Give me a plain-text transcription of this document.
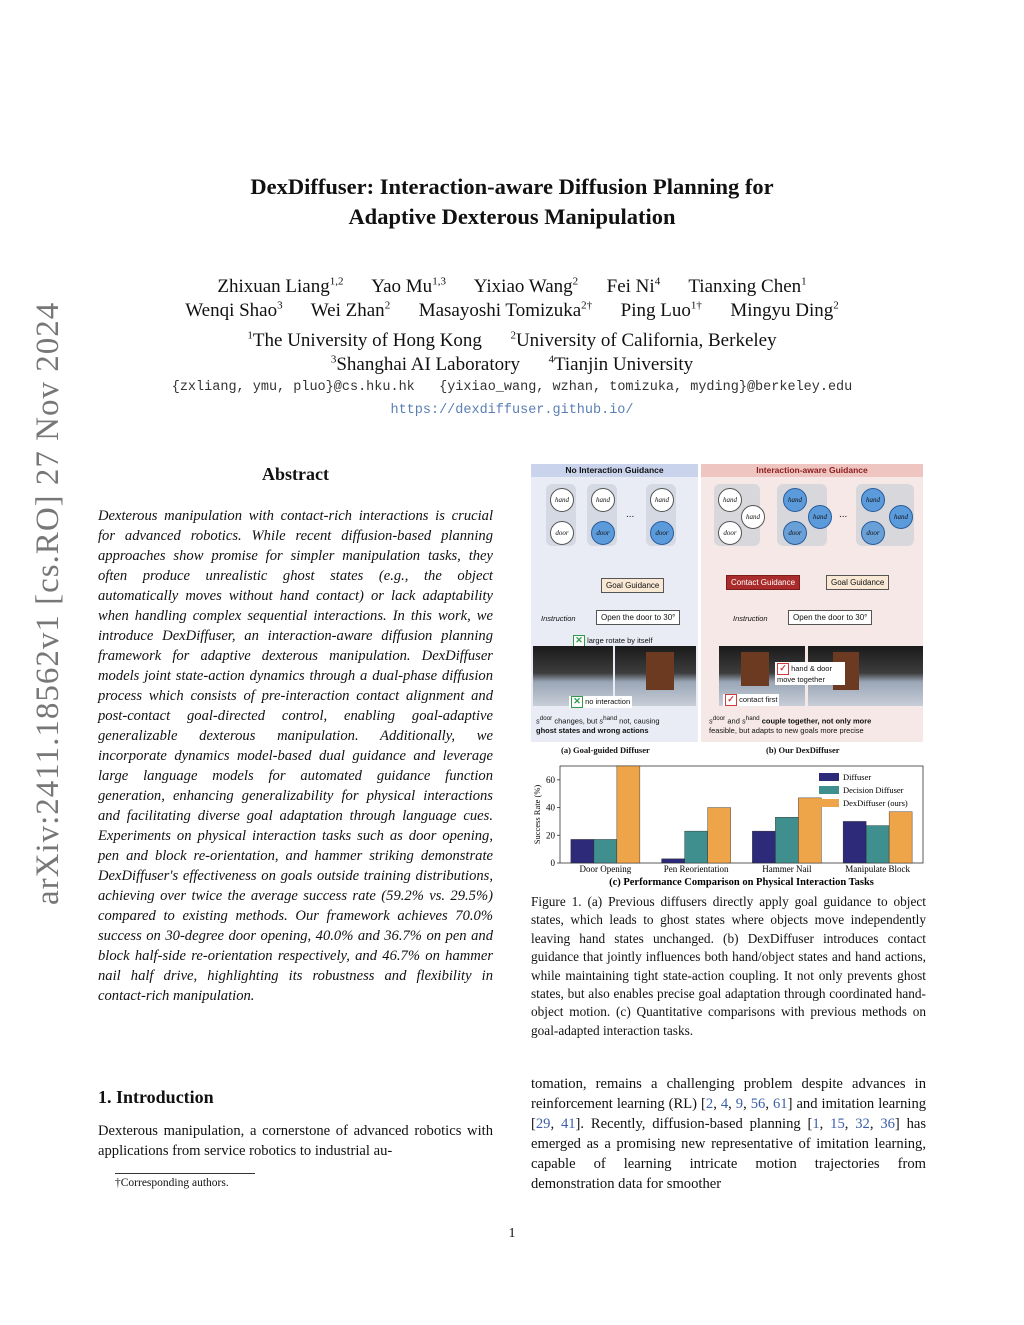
arXiv:2411.18562v1 [cs.RO] 27 Nov 2024
DexDiffuser: Interaction-aware Diffusion Planning for
Adaptive Dexterous Manipulation
Zhixuan Liang$^{1,2}$ Yao Mu$^{1,3}$ Yixiao Wang$^2$ Fei Ni$^4$ Tianxing Chen$^1$
Wenqi Shao$^3$ Wei Zhan$^2$ Masayoshi Tomizuka$^{2\dagger}$ Ping Luo$^{1\dagger}$ Mingyu Ding$^2$
$^1$The University of Hong Kong	$^2$University of California, Berkeley
$^3$Shanghai AI Laboratory	$^4$Tianjin University
{zxliang, ymu, pluo}@cs.hku.hk {yixiao_wang, wzhan, tomizuka, myding}@berkeley.edu
https://dexdiffuser.github.io/
Abstract
Dexterous manipulation with contact-rich interactions is crucial for advanced robotics. While recent diffusion-based planning approaches show promise for simpler manipulation tasks, they often produce unrealistic ghost states (e.g., the object automatically moves without hand contact) or lack adaptability when handling complex sequential interactions. In this work, we introduce DexDiffuser, an interaction-aware diffusion planning framework for adaptive dexterous manipulation. DexDiffuser models joint state-action dynamics through a dual-phase diffusion process which consists of pre-interaction contact alignment and post-contact goal-directed control, enabling goal-adaptive generalizable dexterous manipulation. Additionally, we incorporate dynamics model-based dual guidance and leverage large language models for automated guidance function generation, enhancing generalizability for physical interactions and facilitating diverse goal adaptation through language cues. Experiments on physical interaction tasks such as door opening, pen and block re-orientation, and hammer striking demonstrate DexDiffuser's effectiveness on goals outside training distributions, achieving over twice the average success rate (59.2% vs. 29.5%) compared to existing methods. Our framework achieves 70.0% success on 30-degree door opening, 40.0% and 36.7% on pen and block half-side re-orientation respectively, and 46.7% on hammer nail half drive, highlighting its robustness and flexibility in contact-rich manipulation.
1. Introduction
Dexterous manipulation, a cornerstone of advanced robotics with applications from service robotics to industrial au-
†Corresponding authors.
tomation, remains a challenging problem despite advances in reinforcement learning (RL) [2, 4, 9, 56, 61] and imitation learning [29, 41]. Recently, diffusion-based planning [1, 15, 32, 36] has emerged as a promising new representative of imitation learning, capable of learning intricate motion trajectories from demonstration data for smoother
No Interaction Guidance	Interaction-aware Guidance
hand	hand	hand
door	door	door
...
Goal Guidance
Instruction	Open the door to 30°
✕ large rotate by itself
✕ no interaction
$s^{door}$ changes, but $s^{hand}$ not, causing
ghost states and wrong actions
hand	hand	hand
door	door	door
hand	hand	hand
...
Contact Guidance	Goal Guidance
Instruction	Open the door to 30°
✓ hand & door move together
✓ contact first
$s^{door}$ and $s^{hand}$ couple together, not only more
feasible, but adapts to new goals more precise
(a) Goal-guided Diffuser	(b) Our DexDiffuser
0
20
40
60
Success Rate (%)
Door Opening	Pen Reorientation	Hammer Nail	Manipulate Block
(c) Performance Comparison on Physical Interaction Tasks
Diffuser
Decision Diffuser
DexDiffuser (ours)
Figure 1. (a) Previous diffusers directly apply goal guidance to object states, which leads to ghost states where objects move independently leaving hand states unchanged. (b) DexDiffuser introduces contact guidance that jointly influences both hand/object states and hand actions, while maintaining tight state-action coupling. It not only prevents ghost states, but also enables precise goal adaptation through coordinated hand-object motion. (c) Quantitative comparisons with previous methods on goal-adapted interaction tasks.
1
